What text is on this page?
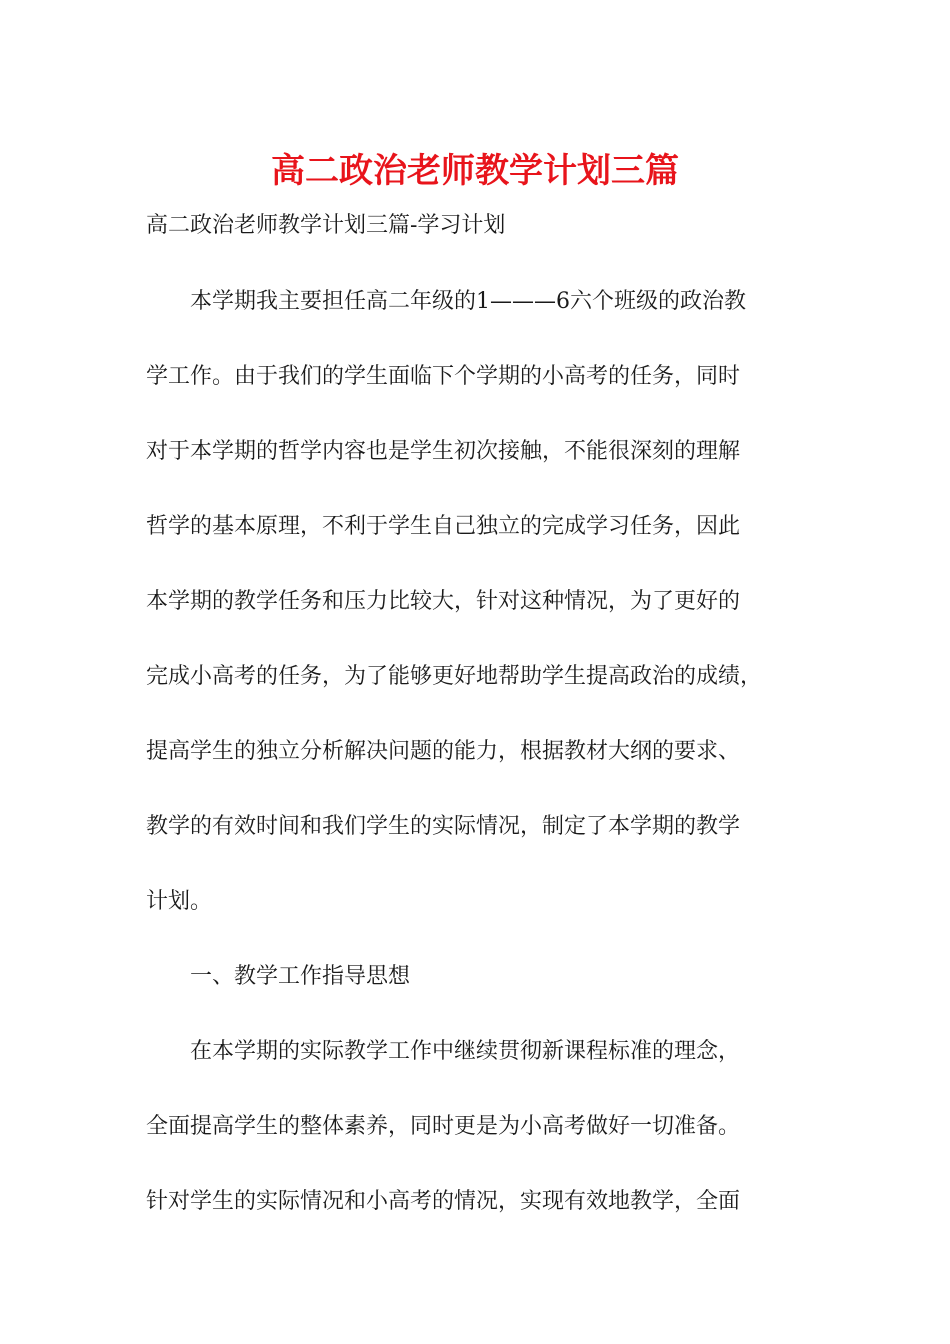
高二政治老师教学计划三篇

高二政治老师教学计划三篇-学习计划

　　本学期我主要担任高二年级的1———6六个班级的政治教

学工作。由于我们的学生面临下个学期的小高考的任务，同时

对于本学期的哲学内容也是学生初次接触，不能很深刻的理解

哲学的基本原理，不利于学生自己独立的完成学习任务，因此

本学期的教学任务和压力比较大，针对这种情况，为了更好的

完成小高考的任务，为了能够更好地帮助学生提高政治的成绩，

提高学生的独立分析解决问题的能力，根据教材大纲的要求、

教学的有效时间和我们学生的实际情况，制定了本学期的教学

计划。

　　一、教学工作指导思想

　　在本学期的实际教学工作中继续贯彻新课程标准的理念，

全面提高学生的整体素养，同时更是为小高考做好一切准备。

针对学生的实际情况和小高考的情况，实现有效地教学，全面
